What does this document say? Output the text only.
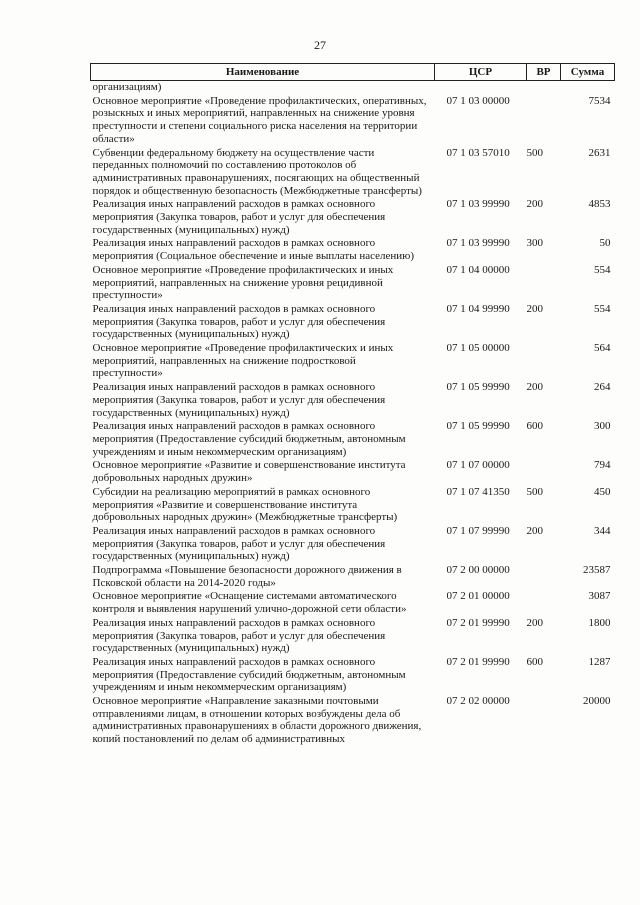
27
Наименование	ЦСР	ВР	Сумма
организациям)			
Основное мероприятие «Проведение профилактических, оперативных, розыскных и иных мероприятий, направленных на снижение уровня преступности и степени социального риска населения на территории области»	07 1 03 00000		7534
Субвенции федеральному бюджету на осуществление части переданных полномочий по составлению протоколов об административных правонарушениях, посягающих на общественный порядок и общественную безопасность (Межбюджетные трансферты)	07 1 03 57010	500	2631
Реализация иных направлений расходов в рамках основного мероприятия (Закупка товаров, работ и услуг для обеспечения государственных (муниципальных) нужд)	07 1 03 99990	200	4853
Реализация иных направлений расходов в рамках основного мероприятия (Социальное обеспечение и иные выплаты населению)	07 1 03 99990	300	50
Основное мероприятие «Проведение профилактических и иных мероприятий, направленных на снижение уровня рецидивной преступности»	07 1 04 00000		554
Реализация иных направлений расходов в рамках основного мероприятия (Закупка товаров, работ и услуг для обеспечения государственных (муниципальных) нужд)	07 1 04 99990	200	554
Основное мероприятие «Проведение профилактических и иных мероприятий, направленных на снижение подростковой преступности»	07 1 05 00000		564
Реализация иных направлений расходов в рамках основного мероприятия (Закупка товаров, работ и услуг для обеспечения государственных (муниципальных) нужд)	07 1 05 99990	200	264
Реализация иных направлений расходов в рамках основного мероприятия (Предоставление субсидий бюджетным, автономным учреждениям и иным некоммерческим организациям)	07 1 05 99990	600	300
Основное мероприятие «Развитие и совершенствование института добровольных народных дружин»	07 1 07 00000		794
Субсидии на реализацию мероприятий в рамках основного мероприятия «Развитие и совершенствование института добровольных народных дружин» (Межбюджетные трансферты)	07 1 07 41350	500	450
Реализация иных направлений расходов в рамках основного мероприятия (Закупка товаров, работ и услуг для обеспечения государственных (муниципальных) нужд)	07 1 07 99990	200	344
Подпрограмма «Повышение безопасности дорожного движения в Псковской области на 2014-2020 годы»	07 2 00 00000		23587
Основное мероприятие «Оснащение системами автоматического контроля и выявления нарушений улично-дорожной сети области»	07 2 01 00000		3087
Реализация иных направлений расходов в рамках основного мероприятия (Закупка товаров, работ и услуг для обеспечения государственных (муниципальных) нужд)	07 2 01 99990	200	1800
Реализация иных направлений расходов в рамках основного мероприятия (Предоставление субсидий бюджетным, автономным учреждениям и иным некоммерческим организациям)	07 2 01 99990	600	1287
Основное мероприятие «Направление заказными почтовыми отправлениями лицам, в отношении которых возбуждены дела об административных правонарушениях в области дорожного движения, копий постановлений по делам об административных	07 2 02 00000		20000
